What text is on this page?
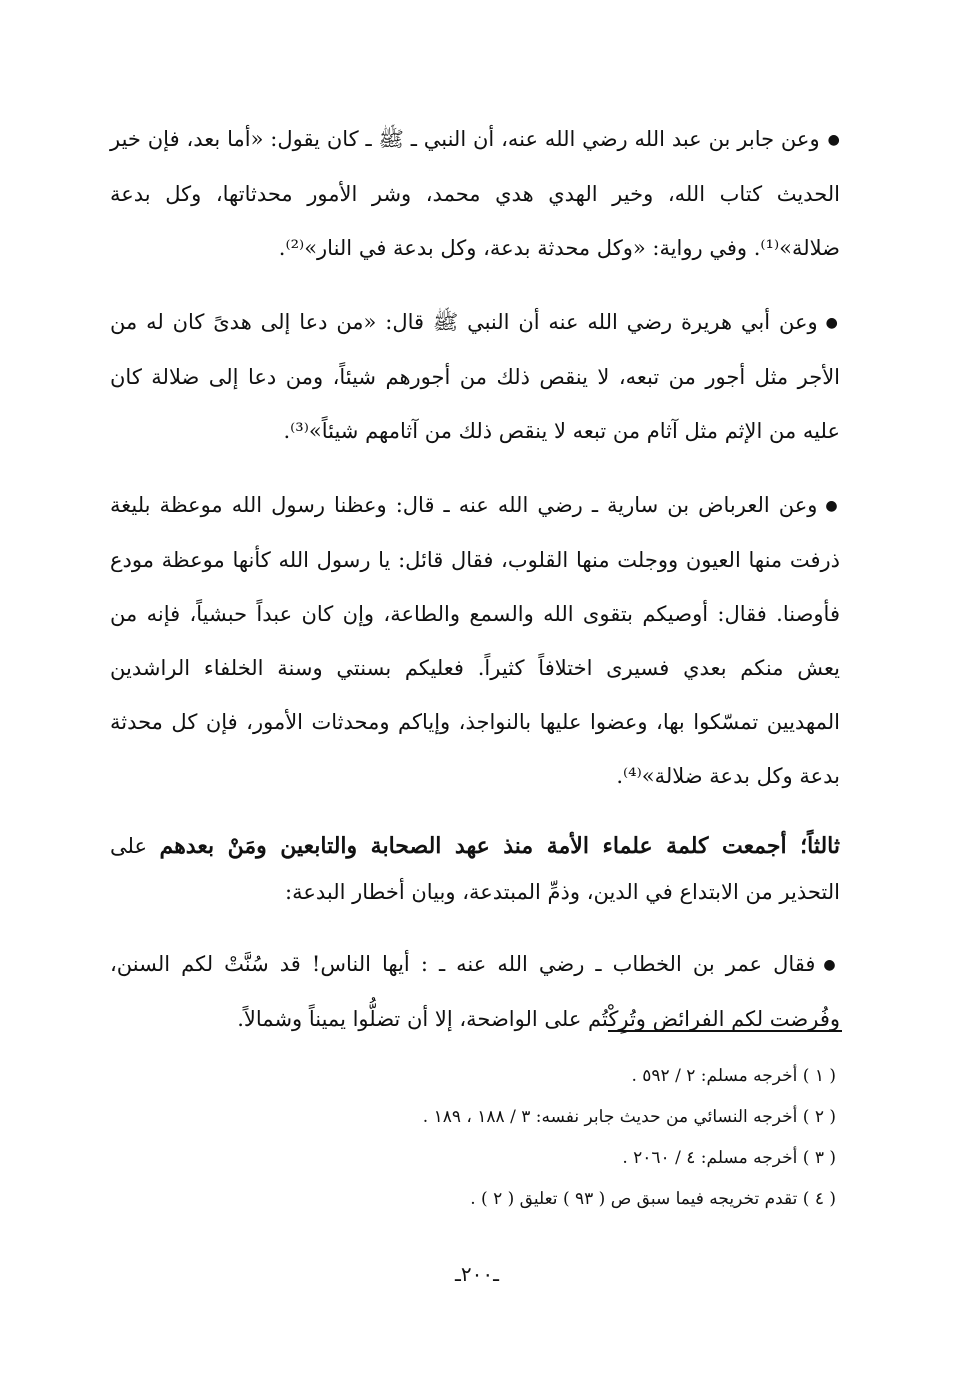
●وعن جابر بن عبد الله رضي الله عنه، أن النبي ـ ﷺ ـ كان يقول: «أما بعد، فإن خير الحديث كتاب الله، وخير الهدي هدي محمد، وشر الأمور محدثاتها، وكل بدعة ضلالة»⁽¹⁾. وفي رواية: «وكل محدثة بدعة، وكل بدعة في النار»⁽²⁾.

●وعن أبي هريرة رضي الله عنه أن النبي ﷺ قال: «من دعا إلى هدىً كان له من الأجر مثل أجور من تبعه، لا ينقص ذلك من أجورهم شيئاً، ومن دعا إلى ضلالة كان عليه من الإثم مثل آثام من تبعه لا ينقص ذلك من آثامهم شيئاً»⁽³⁾.

●وعن العرباض بن سارية ـ رضي الله عنه ـ قال: وعظنا رسول الله موعظة بليغة ذرفت منها العيون ووجلت منها القلوب، فقال قائل: يا رسول الله كأنها موعظة مودع فأوصنا. فقال: أوصيكم بتقوى الله والسمع والطاعة، وإن كان عبداً حبشياً، فإنه من يعش منكم بعدي فسيرى اختلافاً كثيراً. فعليكم بسنتي وسنة الخلفاء الراشدين المهديين تمسّكوا بها، وعضوا عليها بالنواجذ، وإياكم ومحدثات الأمور، فإن كل محدثة بدعة وكل بدعة ضلالة»⁽⁴⁾.

ثالثاً؛ أجمعت كلمة علماء الأمة منذ عهد الصحابة والتابعين ومَنْ بعدهم على التحذير من الابتداع في الدين، وذمِّ المبتدعة، وبيان أخطار البدعة:

●فقال عمر بن الخطاب ـ رضي الله عنه ـ : أيها الناس! قد سُنَّتْ لكم السنن، وفُرضت لكم الفرائض وتُرِكْتُم على الواضحة، إلا أن تضلُّوا يميناً وشمالاً.

( ١ ) أخرجه مسلم: ٢ / ٥٩٢ .
( ٢ ) أخرجه النسائي من حديث جابر نفسه: ٣ / ١٨٨ ، ١٨٩ .
( ٣ ) أخرجه مسلم: ٤ / ٢٠٦٠ .
( ٤ ) تقدم تخريجه فيما سبق ص ( ٩٣ ) تعليق ( ٢ ) .
ـ٢٠٠ـ
